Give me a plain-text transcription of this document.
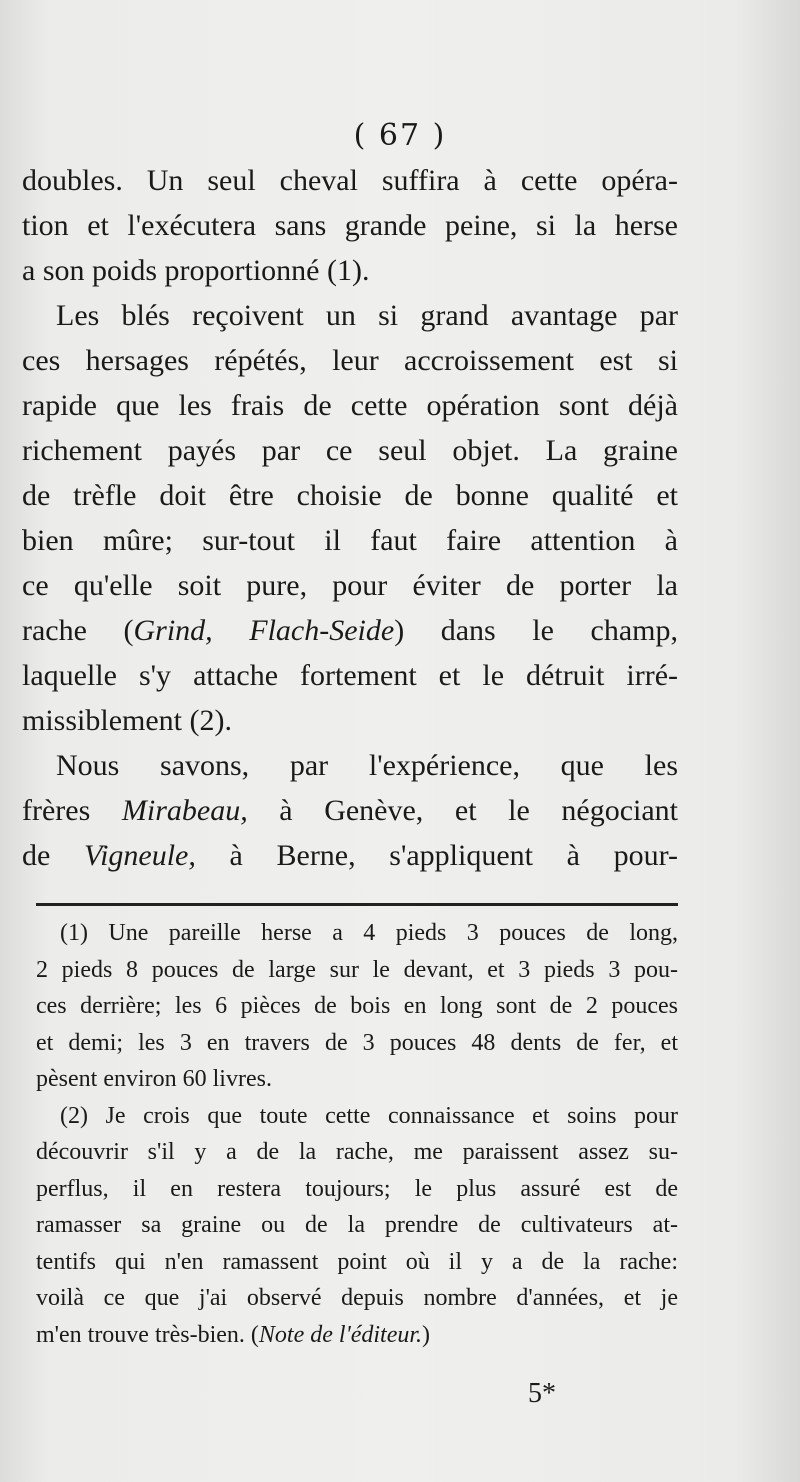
( 67 )
doubles. Un seul cheval suffira à cette opéra-
tion et l'exécutera sans grande peine, si la herse
a son poids proportionné (1).
Les blés reçoivent un si grand avantage par
ces hersages répétés, leur accroissement est si
rapide que les frais de cette opération sont déjà
richement payés par ce seul objet. La graine
de trèfle doit être choisie de bonne qualité et
bien mûre; sur-tout il faut faire attention à
ce qu'elle soit pure, pour éviter de porter la
rache (Grind, Flach-Seide) dans le champ,
laquelle s'y attache fortement et le détruit irré-
missiblement (2).
Nous savons, par l'expérience, que les
frères Mirabeau, à Genève, et le négociant
de Vigneule, à Berne, s'appliquent à pour-
(1) Une pareille herse a 4 pieds 3 pouces de long,
2 pieds 8 pouces de large sur le devant, et 3 pieds 3 pou-
ces derrière; les 6 pièces de bois en long sont de 2 pouces
et demi; les 3 en travers de 3 pouces 48 dents de fer, et
pèsent environ 60 livres.
(2) Je crois que toute cette connaissance et soins pour
découvrir s'il y a de la rache, me paraissent assez su-
perflus, il en restera toujours; le plus assuré est de
ramasser sa graine ou de la prendre de cultivateurs at-
tentifs qui n'en ramassent point où il y a de la rache:
voilà ce que j'ai observé depuis nombre d'années, et je
m'en trouve très-bien. (Note de l'éditeur.)
5*
